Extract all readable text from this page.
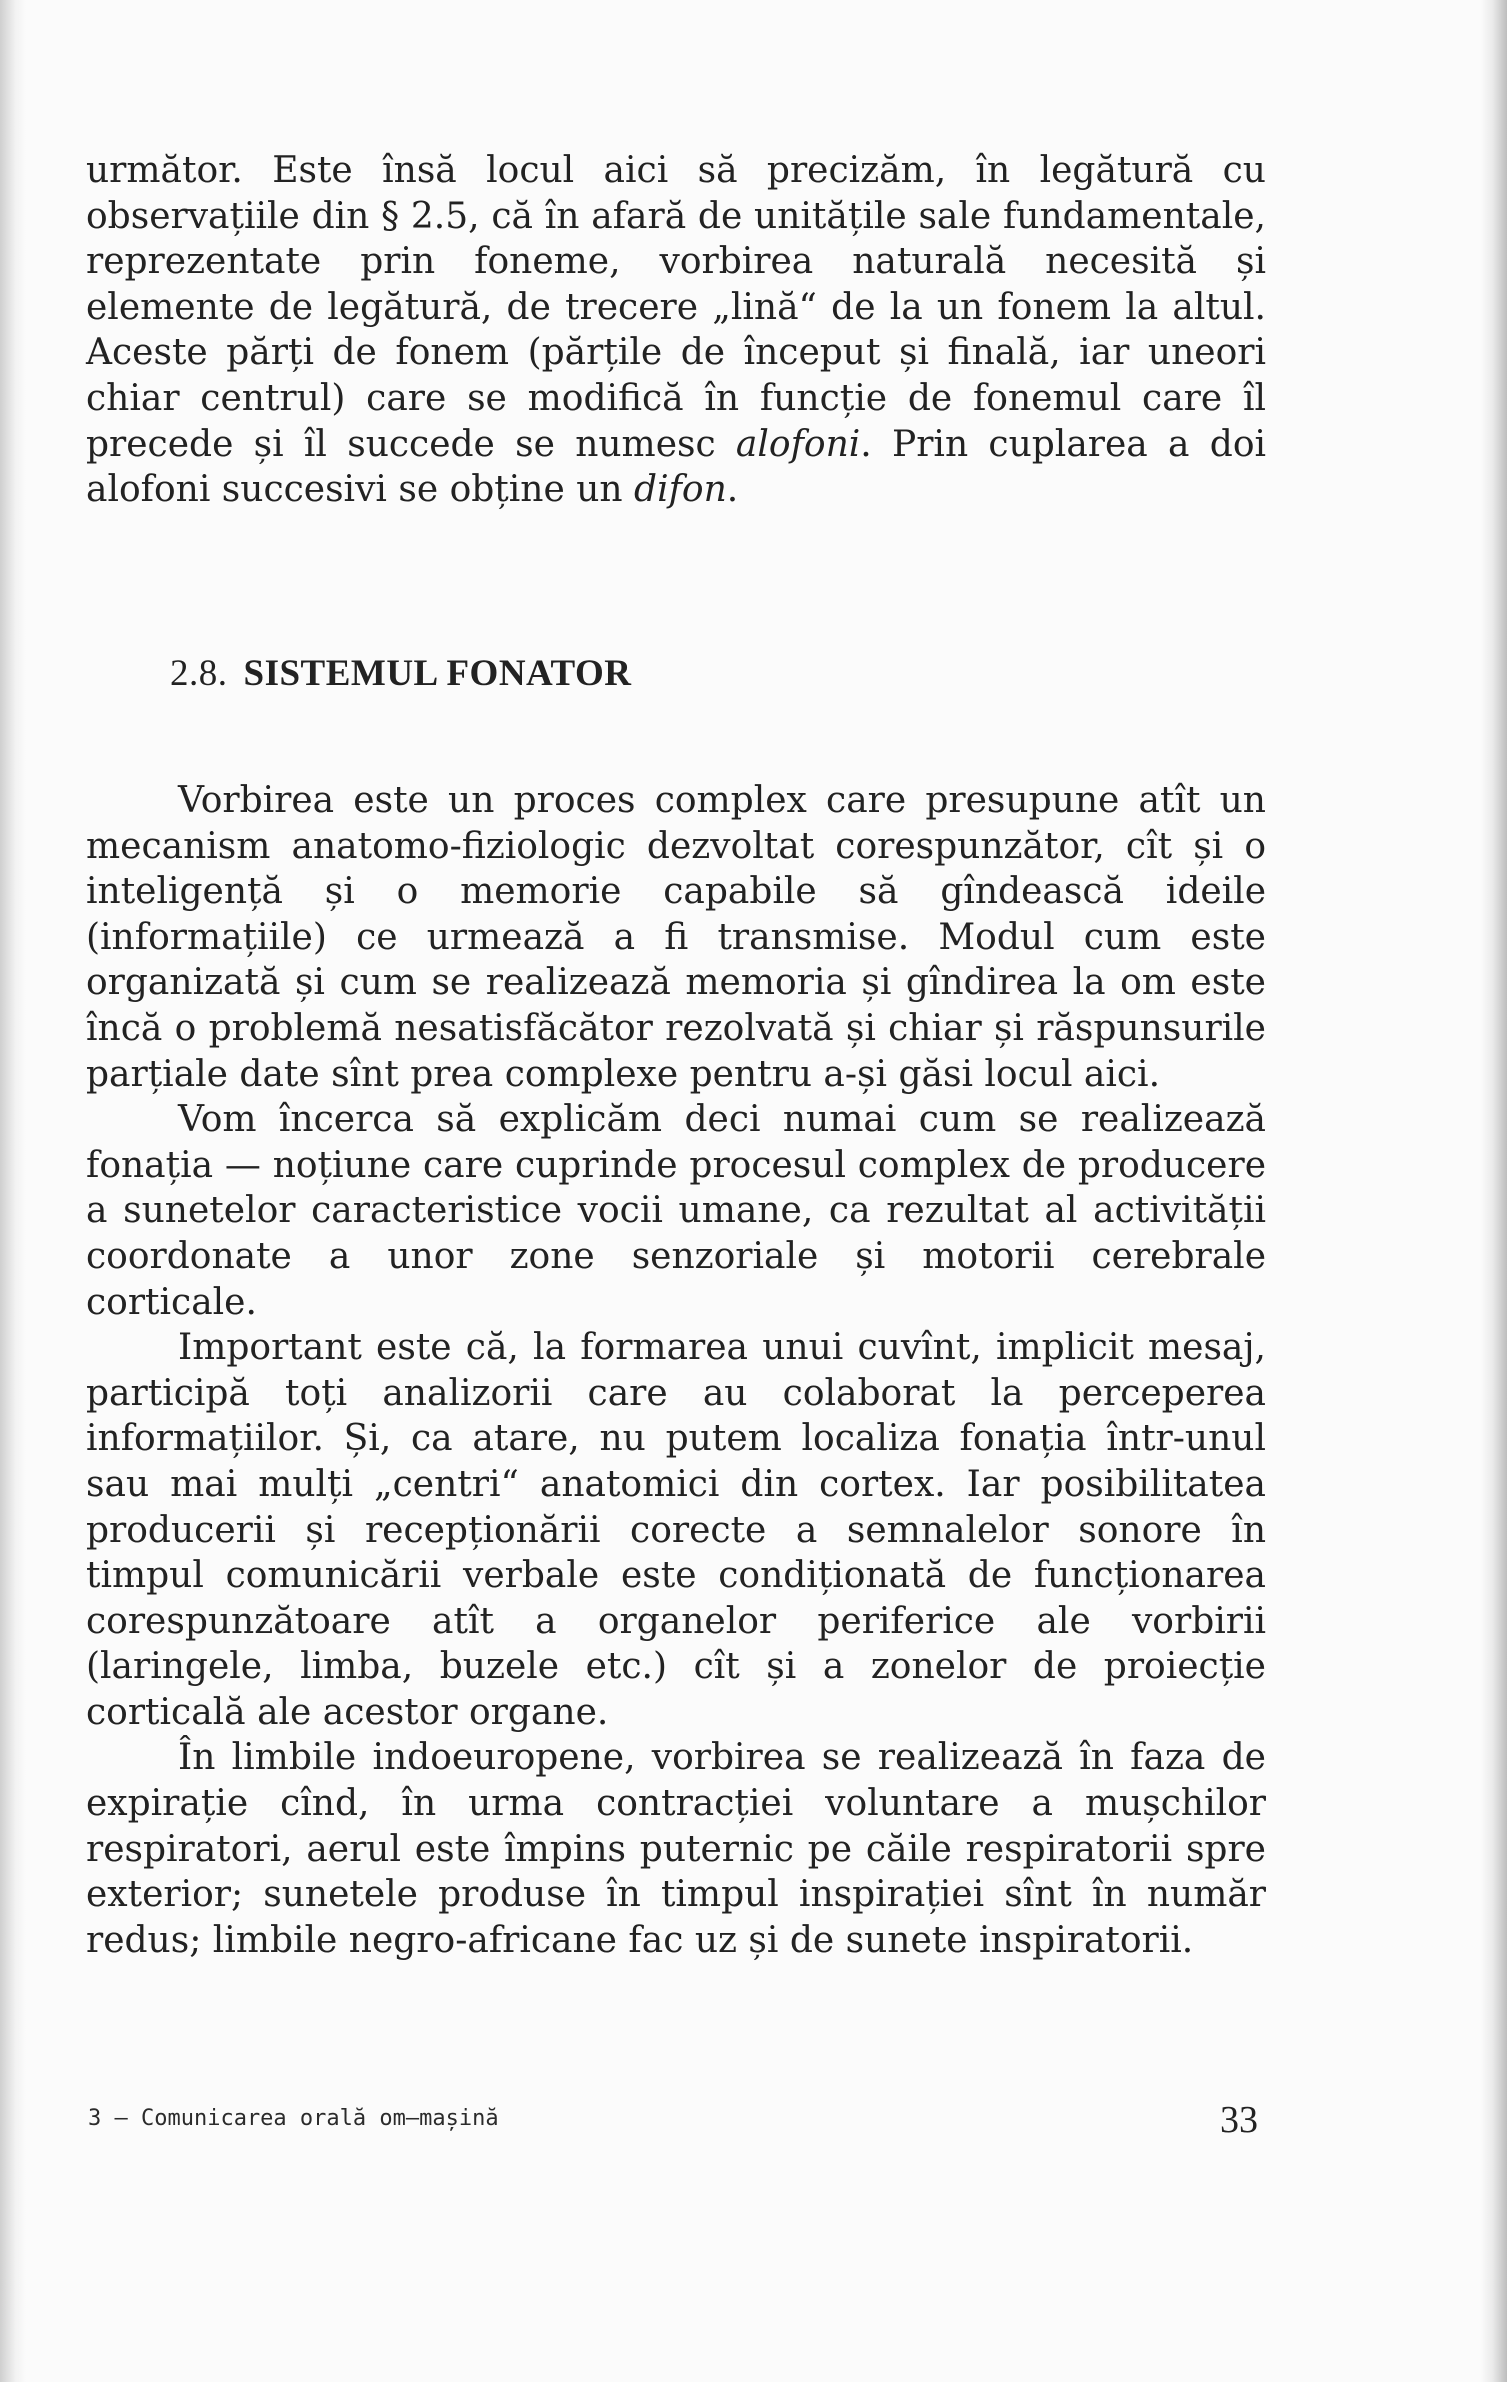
următor. Este însă locul aici să precizăm, în legătură cu observațiile din § 2.5, că în afară de unitățile sale fundamentale, reprezentate prin foneme, vorbirea naturală necesită și elemente de legătură, de trecere „lină“ de la un fonem la altul. Aceste părți de fonem (părțile de început și finală, iar uneori chiar centrul) care se modifică în funcție de fonemul care îl precede și îl succede se numesc alofoni. Prin cuplarea a doi alofoni succesivi se obține un difon.

2.8. SISTEMUL FONATOR

Vorbirea este un proces complex care presupune atît un mecanism anatomo-fiziologic dezvoltat corespunzător, cît și o inteligență și o memorie capabile să gîndească ideile (informațiile) ce urmează a fi transmise. Modul cum este organizată și cum se realizează memoria și gîndirea la om este încă o problemă nesatisfăcător rezolvată și chiar și răspunsurile parțiale date sînt prea complexe pentru a-și găsi locul aici.

Vom încerca să explicăm deci numai cum se realizează fonația — noțiune care cuprinde procesul complex de producere a sunetelor caracteristice vocii umane, ca rezultat al activității coordonate a unor zone senzoriale și motorii cerebrale corticale.

Important este că, la formarea unui cuvînt, implicit mesaj, participă toți analizorii care au colaborat la perceperea informațiilor. Și, ca atare, nu putem localiza fonația într-unul sau mai mulți „centri“ anatomici din cortex. Iar posibilitatea producerii și recepționării corecte a semnalelor sonore în timpul comunicării verbale este condiționată de funcționarea corespunzătoare atît a organelor periferice ale vorbirii (laringele, limba, buzele etc.) cît și a zonelor de proiecție corticală ale acestor organe.

În limbile indoeuropene, vorbirea se realizează în faza de expirație cînd, în urma contracției voluntare a mușchilor respiratori, aerul este împins puternic pe căile respiratorii spre exterior; sunetele produse în timpul inspirației sînt în număr redus; limbile negro-africane fac uz și de sunete inspiratorii.

3 — Comunicarea orală om—mașină	33
